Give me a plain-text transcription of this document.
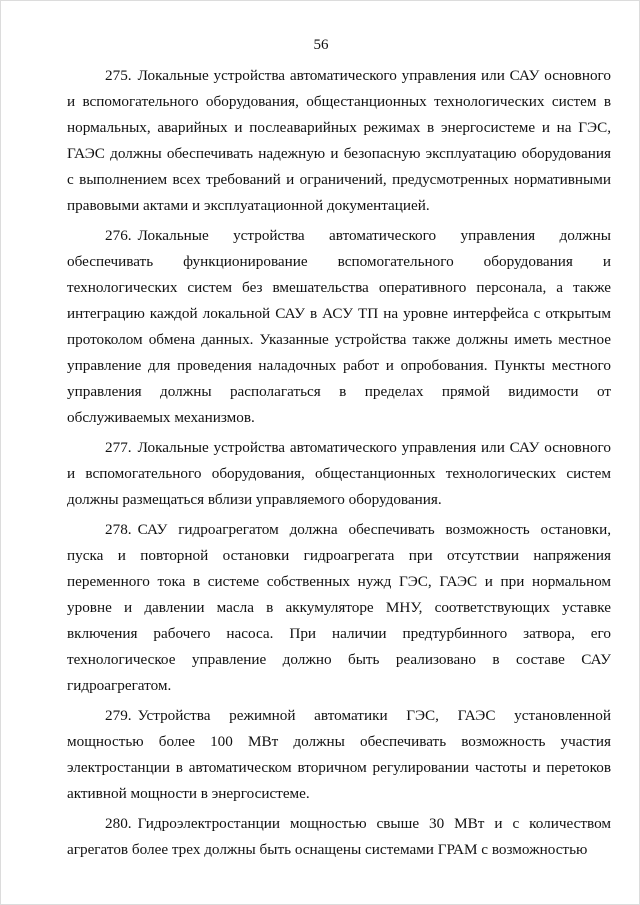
56

275. Локальные устройства автоматического управления или САУ основного и вспомогательного оборудования, общестанционных технологических систем в нормальных, аварийных и послеаварийных режимах в энергосистеме и на ГЭС, ГАЭС должны обеспечивать надежную и безопасную эксплуатацию оборудования с выполнением всех требований и ограничений, предусмотренных нормативными правовыми актами и эксплуатационной документацией.

276. Локальные устройства автоматического управления должны обеспечивать функционирование вспомогательного оборудования и технологических систем без вмешательства оперативного персонала, а также интеграцию каждой локальной САУ в АСУ ТП на уровне интерфейса с открытым протоколом обмена данных. Указанные устройства также должны иметь местное управление для проведения наладочных работ и опробования. Пункты местного управления должны располагаться в пределах прямой видимости от обслуживаемых механизмов.

277. Локальные устройства автоматического управления или САУ основного и вспомогательного оборудования, общестанционных технологических систем должны размещаться вблизи управляемого оборудования.

278. САУ гидроагрегатом должна обеспечивать возможность остановки, пуска и повторной остановки гидроагрегата при отсутствии напряжения переменного тока в системе собственных нужд ГЭС, ГАЭС и при нормальном уровне и давлении масла в аккумуляторе МНУ, соответствующих уставке включения рабочего насоса. При наличии предтурбинного затвора, его технологическое управление должно быть реализовано в составе САУ гидроагрегатом.

279. Устройства режимной автоматики ГЭС, ГАЭС установленной мощностью более 100 МВт должны обеспечивать возможность участия электростанции в автоматическом вторичном регулировании частоты и перетоков активной мощности в энергосистеме.

280. Гидроэлектростанции мощностью свыше 30 МВт и с количеством агрегатов более трех должны быть оснащены системами ГРАМ с возможностью
